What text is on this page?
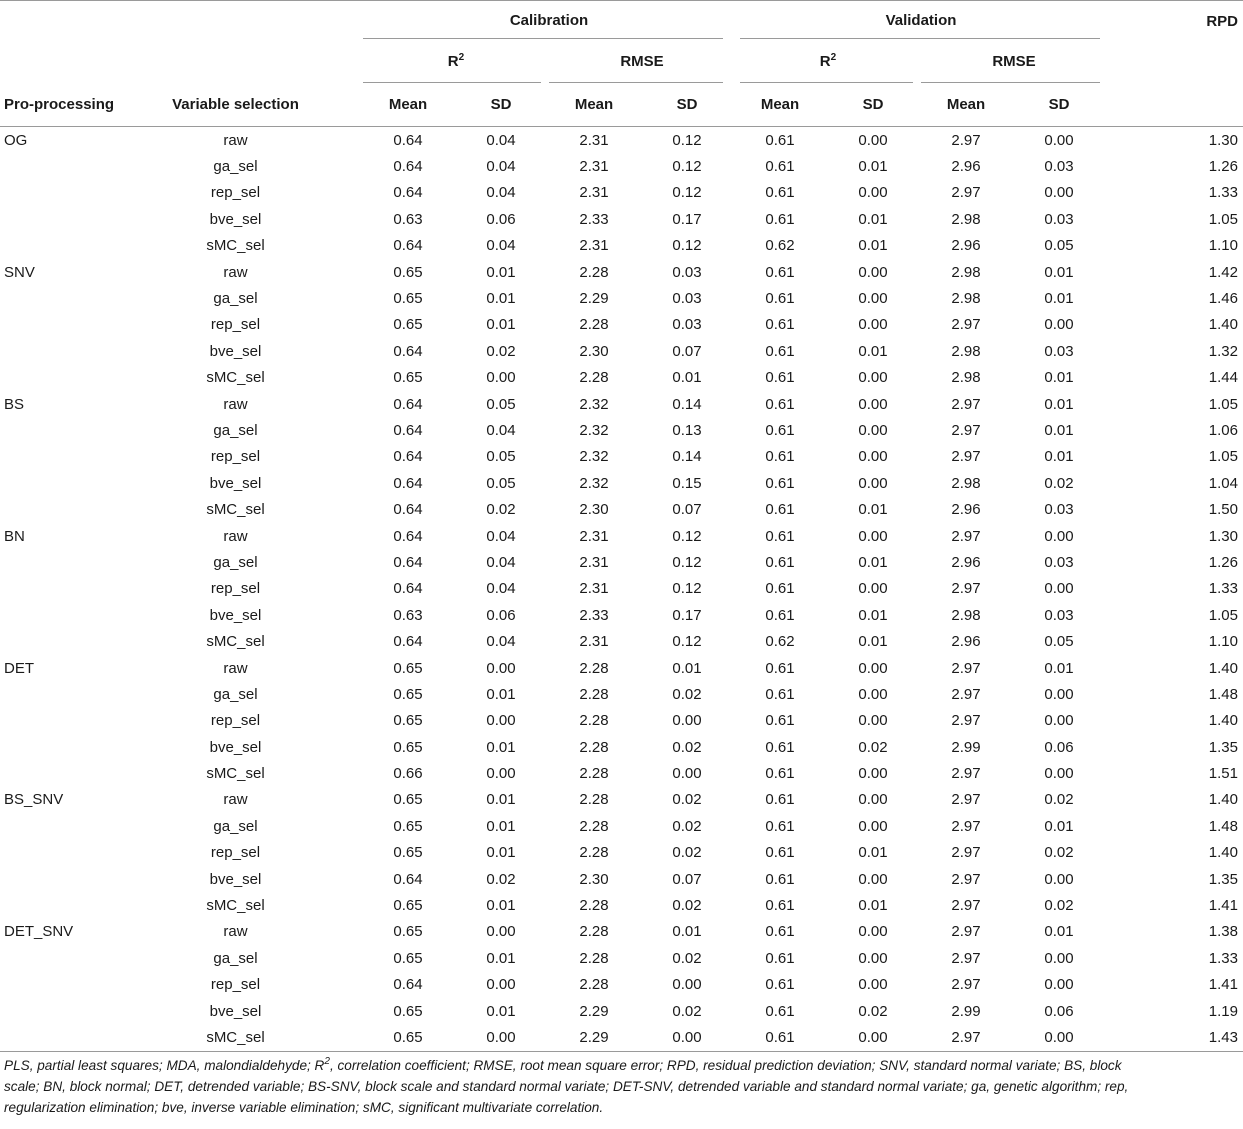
		Calibration				Validation				RPD
		$R^2$		RMSE		$R^2$		RMSE		

Pro-processing	Variable selection	Mean	SD	Mean	SD	Mean	SD	Mean	SD	
OG	raw	0.64	0.04	2.31	0.12	0.61	0.00	2.97	0.00	1.30
	ga_sel	0.64	0.04	2.31	0.12	0.61	0.01	2.96	0.03	1.26
	rep_sel	0.64	0.04	2.31	0.12	0.61	0.00	2.97	0.00	1.33
	bve_sel	0.63	0.06	2.33	0.17	0.61	0.01	2.98	0.03	1.05
	sMC_sel	0.64	0.04	2.31	0.12	0.62	0.01	2.96	0.05	1.10
SNV	raw	0.65	0.01	2.28	0.03	0.61	0.00	2.98	0.01	1.42
	ga_sel	0.65	0.01	2.29	0.03	0.61	0.00	2.98	0.01	1.46
	rep_sel	0.65	0.01	2.28	0.03	0.61	0.00	2.97	0.00	1.40
	bve_sel	0.64	0.02	2.30	0.07	0.61	0.01	2.98	0.03	1.32
	sMC_sel	0.65	0.00	2.28	0.01	0.61	0.00	2.98	0.01	1.44
BS	raw	0.64	0.05	2.32	0.14	0.61	0.00	2.97	0.01	1.05
	ga_sel	0.64	0.04	2.32	0.13	0.61	0.00	2.97	0.01	1.06
	rep_sel	0.64	0.05	2.32	0.14	0.61	0.00	2.97	0.01	1.05
	bve_sel	0.64	0.05	2.32	0.15	0.61	0.00	2.98	0.02	1.04
	sMC_sel	0.64	0.02	2.30	0.07	0.61	0.01	2.96	0.03	1.50
BN	raw	0.64	0.04	2.31	0.12	0.61	0.00	2.97	0.00	1.30
	ga_sel	0.64	0.04	2.31	0.12	0.61	0.01	2.96	0.03	1.26
	rep_sel	0.64	0.04	2.31	0.12	0.61	0.00	2.97	0.00	1.33
	bve_sel	0.63	0.06	2.33	0.17	0.61	0.01	2.98	0.03	1.05
	sMC_sel	0.64	0.04	2.31	0.12	0.62	0.01	2.96	0.05	1.10
DET	raw	0.65	0.00	2.28	0.01	0.61	0.00	2.97	0.01	1.40
	ga_sel	0.65	0.01	2.28	0.02	0.61	0.00	2.97	0.00	1.48
	rep_sel	0.65	0.00	2.28	0.00	0.61	0.00	2.97	0.00	1.40
	bve_sel	0.65	0.01	2.28	0.02	0.61	0.02	2.99	0.06	1.35
	sMC_sel	0.66	0.00	2.28	0.00	0.61	0.00	2.97	0.00	1.51
BS_SNV	raw	0.65	0.01	2.28	0.02	0.61	0.00	2.97	0.02	1.40
	ga_sel	0.65	0.01	2.28	0.02	0.61	0.00	2.97	0.01	1.48
	rep_sel	0.65	0.01	2.28	0.02	0.61	0.01	2.97	0.02	1.40
	bve_sel	0.64	0.02	2.30	0.07	0.61	0.00	2.97	0.00	1.35
	sMC_sel	0.65	0.01	2.28	0.02	0.61	0.01	2.97	0.02	1.41
DET_SNV	raw	0.65	0.00	2.28	0.01	0.61	0.00	2.97	0.01	1.38
	ga_sel	0.65	0.01	2.28	0.02	0.61	0.00	2.97	0.00	1.33
	rep_sel	0.64	0.00	2.28	0.00	0.61	0.00	2.97	0.00	1.41
	bve_sel	0.65	0.01	2.29	0.02	0.61	0.02	2.99	0.06	1.19
	sMC_sel	0.65	0.00	2.29	0.00	0.61	0.00	2.97	0.00	1.43
PLS, partial least squares; MDA, malondialdehyde; $R^2$, correlation coefficient; RMSE, root mean square error; RPD, residual prediction deviation; SNV, standard normal variate; BS, block scale; BN, block normal; DET, detrended variable; BS-SNV, block scale and standard normal variate; DET-SNV, detrended variable and standard normal variate; ga, genetic algorithm; rep, regularization elimination; bve, inverse variable elimination; sMC, significant multivariate correlation.
